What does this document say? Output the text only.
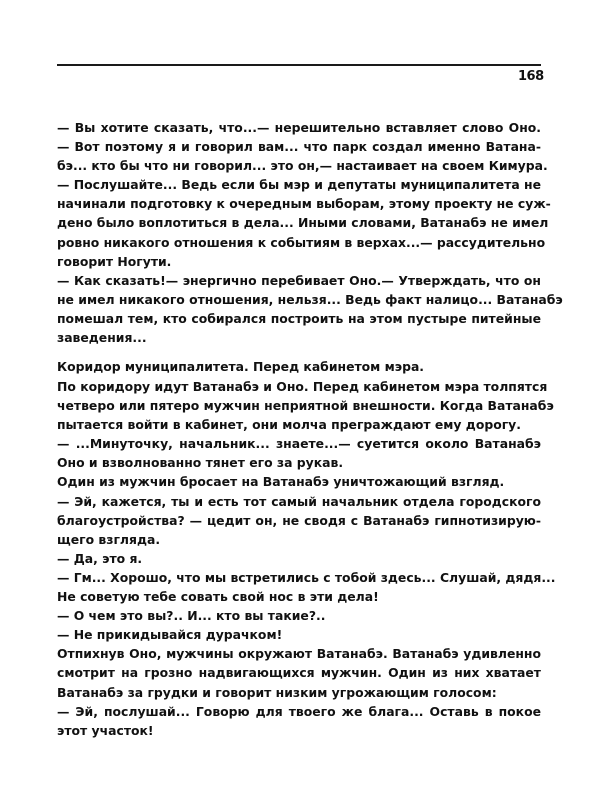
168
— Вы хотите сказать, что...— нерешительно вставляет слово Оно.
— Вот поэтому я и говорил вам... что парк создал именно Ватана-
бэ... кто бы что ни говорил... это он,— настаивает на своем Кимура.
— Послушайте... Ведь если бы мэр и депутаты муниципалитета не
начинали подготовку к очередным выборам, этому проекту не суж-
дено было воплотиться в дела... Иными словами, Ватанабэ не имел
ровно никакого отношения к событиям в верхах...— рассудительно
говорит Ногути.
— Как сказать!— энергично перебивает Оно.— Утверждать, что он
не имел никакого отношения, нельзя... Ведь факт налицо... Ватанабэ
помешал тем, кто собирался построить на этом пустыре питейные
заведения...
Коридор муниципалитета. Перед кабинетом мэра.
По коридору идут Ватанабэ и Оно. Перед кабинетом мэра толпятся
четверо или пятеро мужчин неприятной внешности. Когда Ватанабэ
пытается войти в кабинет, они молча преграждают ему дорогу.
— ...Минуточку, начальник... знаете...— суетится около Ватанабэ
Оно и взволнованно тянет его за рукав.
Один из мужчин бросает на Ватанабэ уничтожающий взгляд.
— Эй, кажется, ты и есть тот самый начальник отдела городского
благоустройства? — цедит он, не сводя с Ватанабэ гипнотизирую-
щего взгляда.
— Да, это я.
— Гм... Хорошо, что мы встретились с тобой здесь... Слушай, дядя...
Не советую тебе совать свой нос в эти дела!
— О чем это вы?.. И... кто вы такие?..
— Не прикидывайся дурачком!
Отпихнув Оно, мужчины окружают Ватанабэ. Ватанабэ удивленно
смотрит на грозно надвигающихся мужчин. Один из них хватает
Ватанабэ за грудки и говорит низким угрожающим голосом:
— Эй, послушай... Говорю для твоего же блага... Оставь в покое
этот участок!
